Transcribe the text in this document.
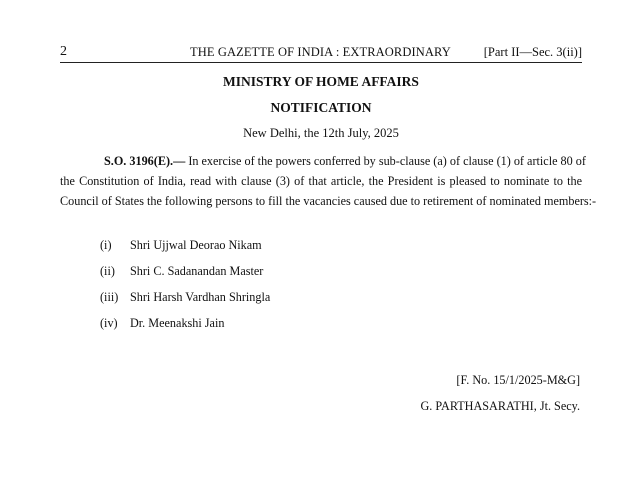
2	THE GAZETTE OF INDIA : EXTRAORDINARY	[Part II—Sec. 3(ii)]
MINISTRY OF HOME AFFAIRS
NOTIFICATION
New Delhi, the 12th July, 2025
S.O. 3196(E).— In exercise of the powers conferred by sub-clause (a) of clause (1) of article 80 of
the Constitution of India, read with clause (3) of that article, the President is pleased to nominate to the
Council of States the following persons to fill the vacancies caused due to retirement of nominated members:-
(i)	Shri Ujjwal Deorao Nikam
(ii)	Shri C. Sadanandan Master
(iii) Shri Harsh Vardhan Shringla
(iv)	Dr. Meenakshi Jain
[F. No. 15/1/2025-M&G]
G. PARTHASARATHI, Jt. Secy.
